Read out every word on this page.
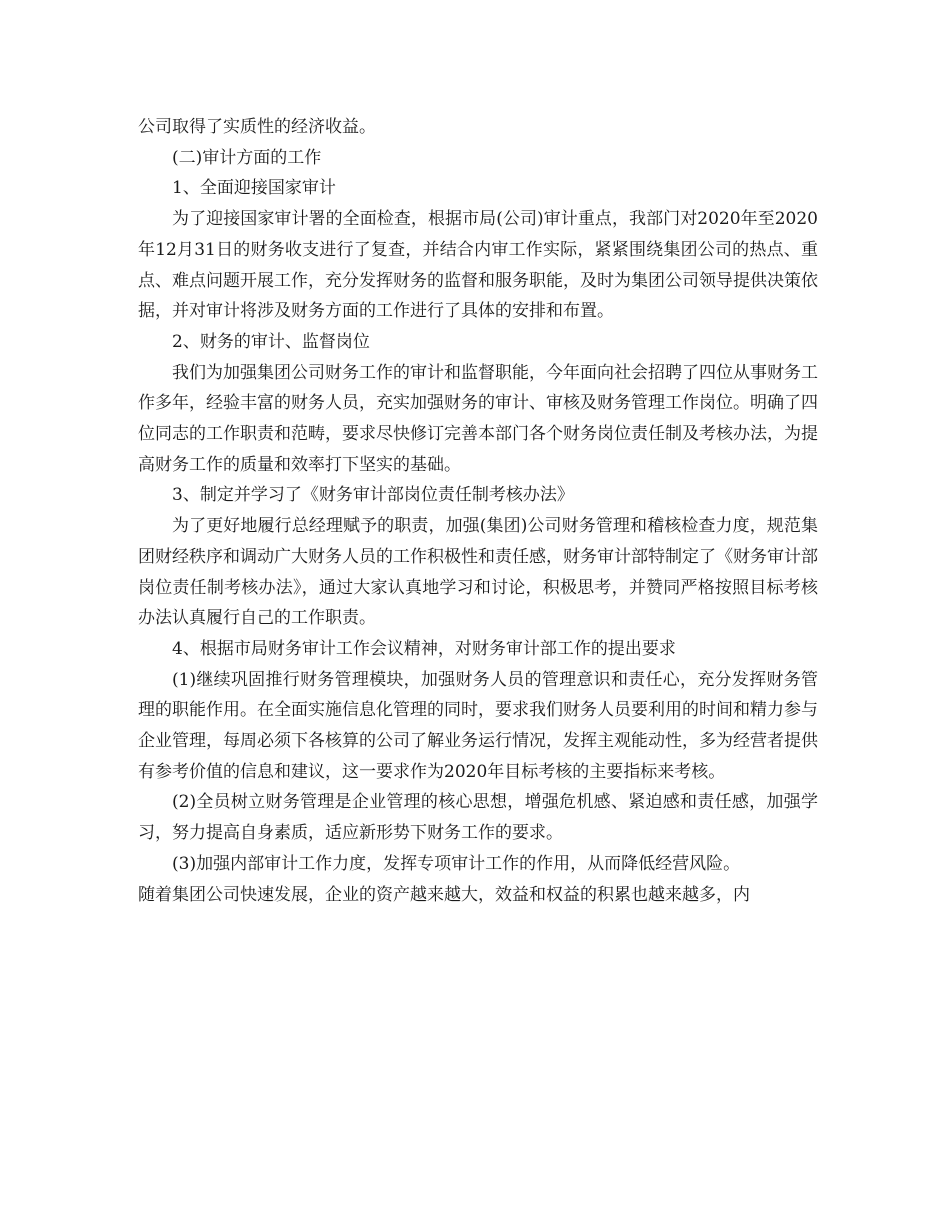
公司取得了实质性的经济收益。

(二)审计方面的工作

1、全面迎接国家审计

为了迎接国家审计署的全面检查，根据市局(公司)审计重点，我部门对2020年至2020年12月31日的财务收支进行了复查，并结合内审工作实际，紧紧围绕集团公司的热点、重点、难点问题开展工作，充分发挥财务的监督和服务职能，及时为集团公司领导提供决策依据，并对审计将涉及财务方面的工作进行了具体的安排和布置。

2、财务的审计、监督岗位

我们为加强集团公司财务工作的审计和监督职能，今年面向社会招聘了四位从事财务工作多年，经验丰富的财务人员，充实加强财务的审计、审核及财务管理工作岗位。明确了四位同志的工作职责和范畴，要求尽快修订完善本部门各个财务岗位责任制及考核办法，为提高财务工作的质量和效率打下坚实的基础。

3、制定并学习了《财务审计部岗位责任制考核办法》

为了更好地履行总经理赋予的职责，加强(集团)公司财务管理和稽核检查力度，规范集团财经秩序和调动广大财务人员的工作积极性和责任感，财务审计部特制定了《财务审计部岗位责任制考核办法》，通过大家认真地学习和讨论，积极思考，并赞同严格按照目标考核办法认真履行自己的工作职责。

4、根据市局财务审计工作会议精神，对财务审计部工作的提出要求

(1)继续巩固推行财务管理模块，加强财务人员的管理意识和责任心，充分发挥财务管理的职能作用。在全面实施信息化管理的同时，要求我们财务人员要利用的时间和精力参与企业管理，每周必须下各核算的公司了解业务运行情况，发挥主观能动性，多为经营者提供有参考价值的信息和建议，这一要求作为2020年目标考核的主要指标来考核。

(2)全员树立财务管理是企业管理的核心思想，增强危机感、紧迫感和责任感，加强学习，努力提高自身素质，适应新形势下财务工作的要求。

(3)加强内部审计工作力度，发挥专项审计工作的作用，从而降低经营风险。

随着集团公司快速发展，企业的资产越来越大，效益和权益的积累也越来越多，内
